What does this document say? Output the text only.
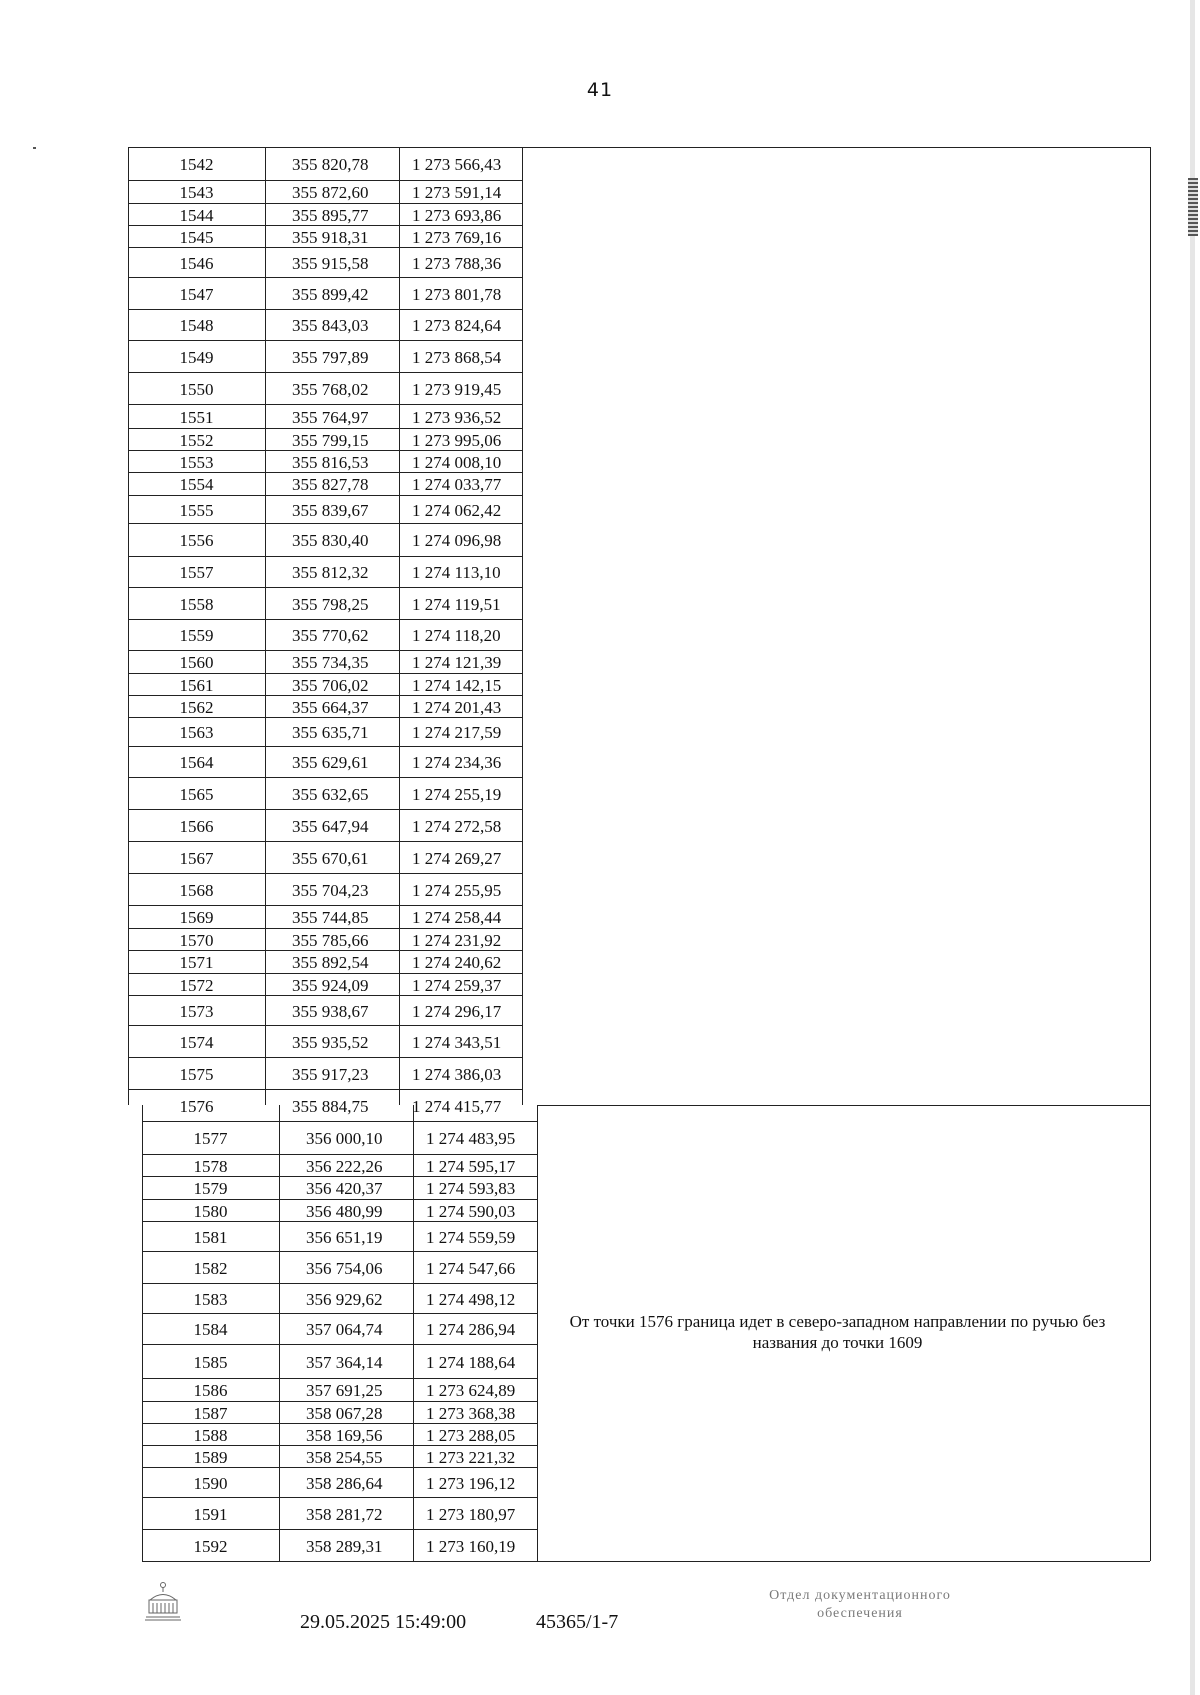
41
1542	355 820,78	1 273 566,43
1543	355 872,60	1 273 591,14
1544	355 895,77	1 273 693,86
1545	355 918,31	1 273 769,16
1546	355 915,58	1 273 788,36
1547	355 899,42	1 273 801,78
1548	355 843,03	1 273 824,64
1549	355 797,89	1 273 868,54
1550	355 768,02	1 273 919,45
1551	355 764,97	1 273 936,52
1552	355 799,15	1 273 995,06
1553	355 816,53	1 274 008,10
1554	355 827,78	1 274 033,77
1555	355 839,67	1 274 062,42
1556	355 830,40	1 274 096,98
1557	355 812,32	1 274 113,10
1558	355 798,25	1 274 119,51
1559	355 770,62	1 274 118,20
1560	355 734,35	1 274 121,39
1561	355 706,02	1 274 142,15
1562	355 664,37	1 274 201,43
1563	355 635,71	1 274 217,59
1564	355 629,61	1 274 234,36
1565	355 632,65	1 274 255,19
1566	355 647,94	1 274 272,58
1567	355 670,61	1 274 269,27
1568	355 704,23	1 274 255,95
1569	355 744,85	1 274 258,44
1570	355 785,66	1 274 231,92
1571	355 892,54	1 274 240,62
1572	355 924,09	1 274 259,37
1573	355 938,67	1 274 296,17
1574	355 935,52	1 274 343,51
1575	355 917,23	1 274 386,03
1576	355 884,75	1 274 415,77
1577	356 000,10	1 274 483,95
1578	356 222,26	1 274 595,17
1579	356 420,37	1 274 593,83
1580	356 480,99	1 274 590,03
1581	356 651,19	1 274 559,59
1582	356 754,06	1 274 547,66
1583	356 929,62	1 274 498,12
1584	357 064,74	1 274 286,94
1585	357 364,14	1 274 188,64
1586	357 691,25	1 273 624,89
1587	358 067,28	1 273 368,38
1588	358 169,56	1 273 288,05
1589	358 254,55	1 273 221,32
1590	358 286,64	1 273 196,12
1591	358 281,72	1 273 180,97
1592	358 289,31	1 273 160,19
От точки 1576 граница идет в северо-западном направлении по ручью без названия до точки 1609
29.05.2025 15:49:00	45365/1-7
Отдел документационного
обеспечения
